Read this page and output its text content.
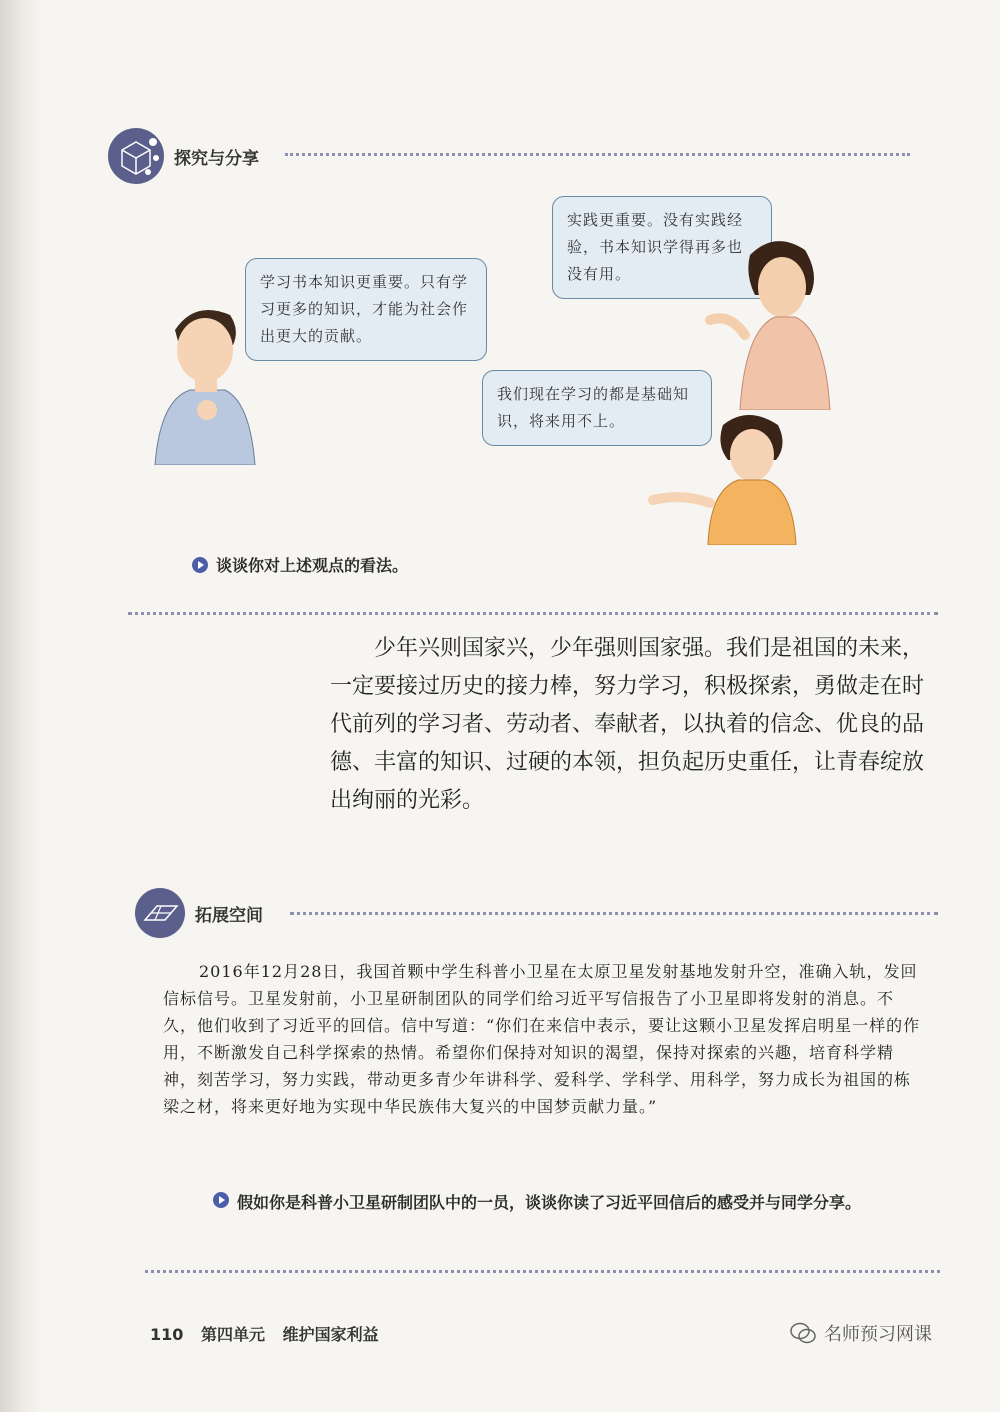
探究与分享
学习书本知识更重要。只有学习更多的知识，才能为社会作出更大的贡献。
实践更重要。没有实践经验，书本知识学得再多也没有用。
我们现在学习的都是基础知识，将来用不上。
谈谈你对上述观点的看法。
少年兴则国家兴，少年强则国家强。我们是祖国的未来，一定要接过历史的接力棒，努力学习，积极探索，勇做走在时代前列的学习者、劳动者、奉献者，以执着的信念、优良的品德、丰富的知识、过硬的本领，担负起历史重任，让青春绽放出绚丽的光彩。
拓展空间
2016年12月28日，我国首颗中学生科普小卫星在太原卫星发射基地发射升空，准确入轨，发回信标信号。卫星发射前，小卫星研制团队的同学们给习近平写信报告了小卫星即将发射的消息。不久，他们收到了习近平的回信。信中写道：“你们在来信中表示，要让这颗小卫星发挥启明星一样的作用，不断激发自己科学探索的热情。希望你们保持对知识的渴望，保持对探索的兴趣，培育科学精神，刻苦学习，努力实践，带动更多青少年讲科学、爱科学、学科学、用科学，努力成长为祖国的栋梁之材，将来更好地为实现中华民族伟大复兴的中国梦贡献力量。”
假如你是科普小卫星研制团队中的一员，谈谈你读了习近平回信后的感受并与同学分享。
110 第四单元 维护国家利益	名师预习网课
